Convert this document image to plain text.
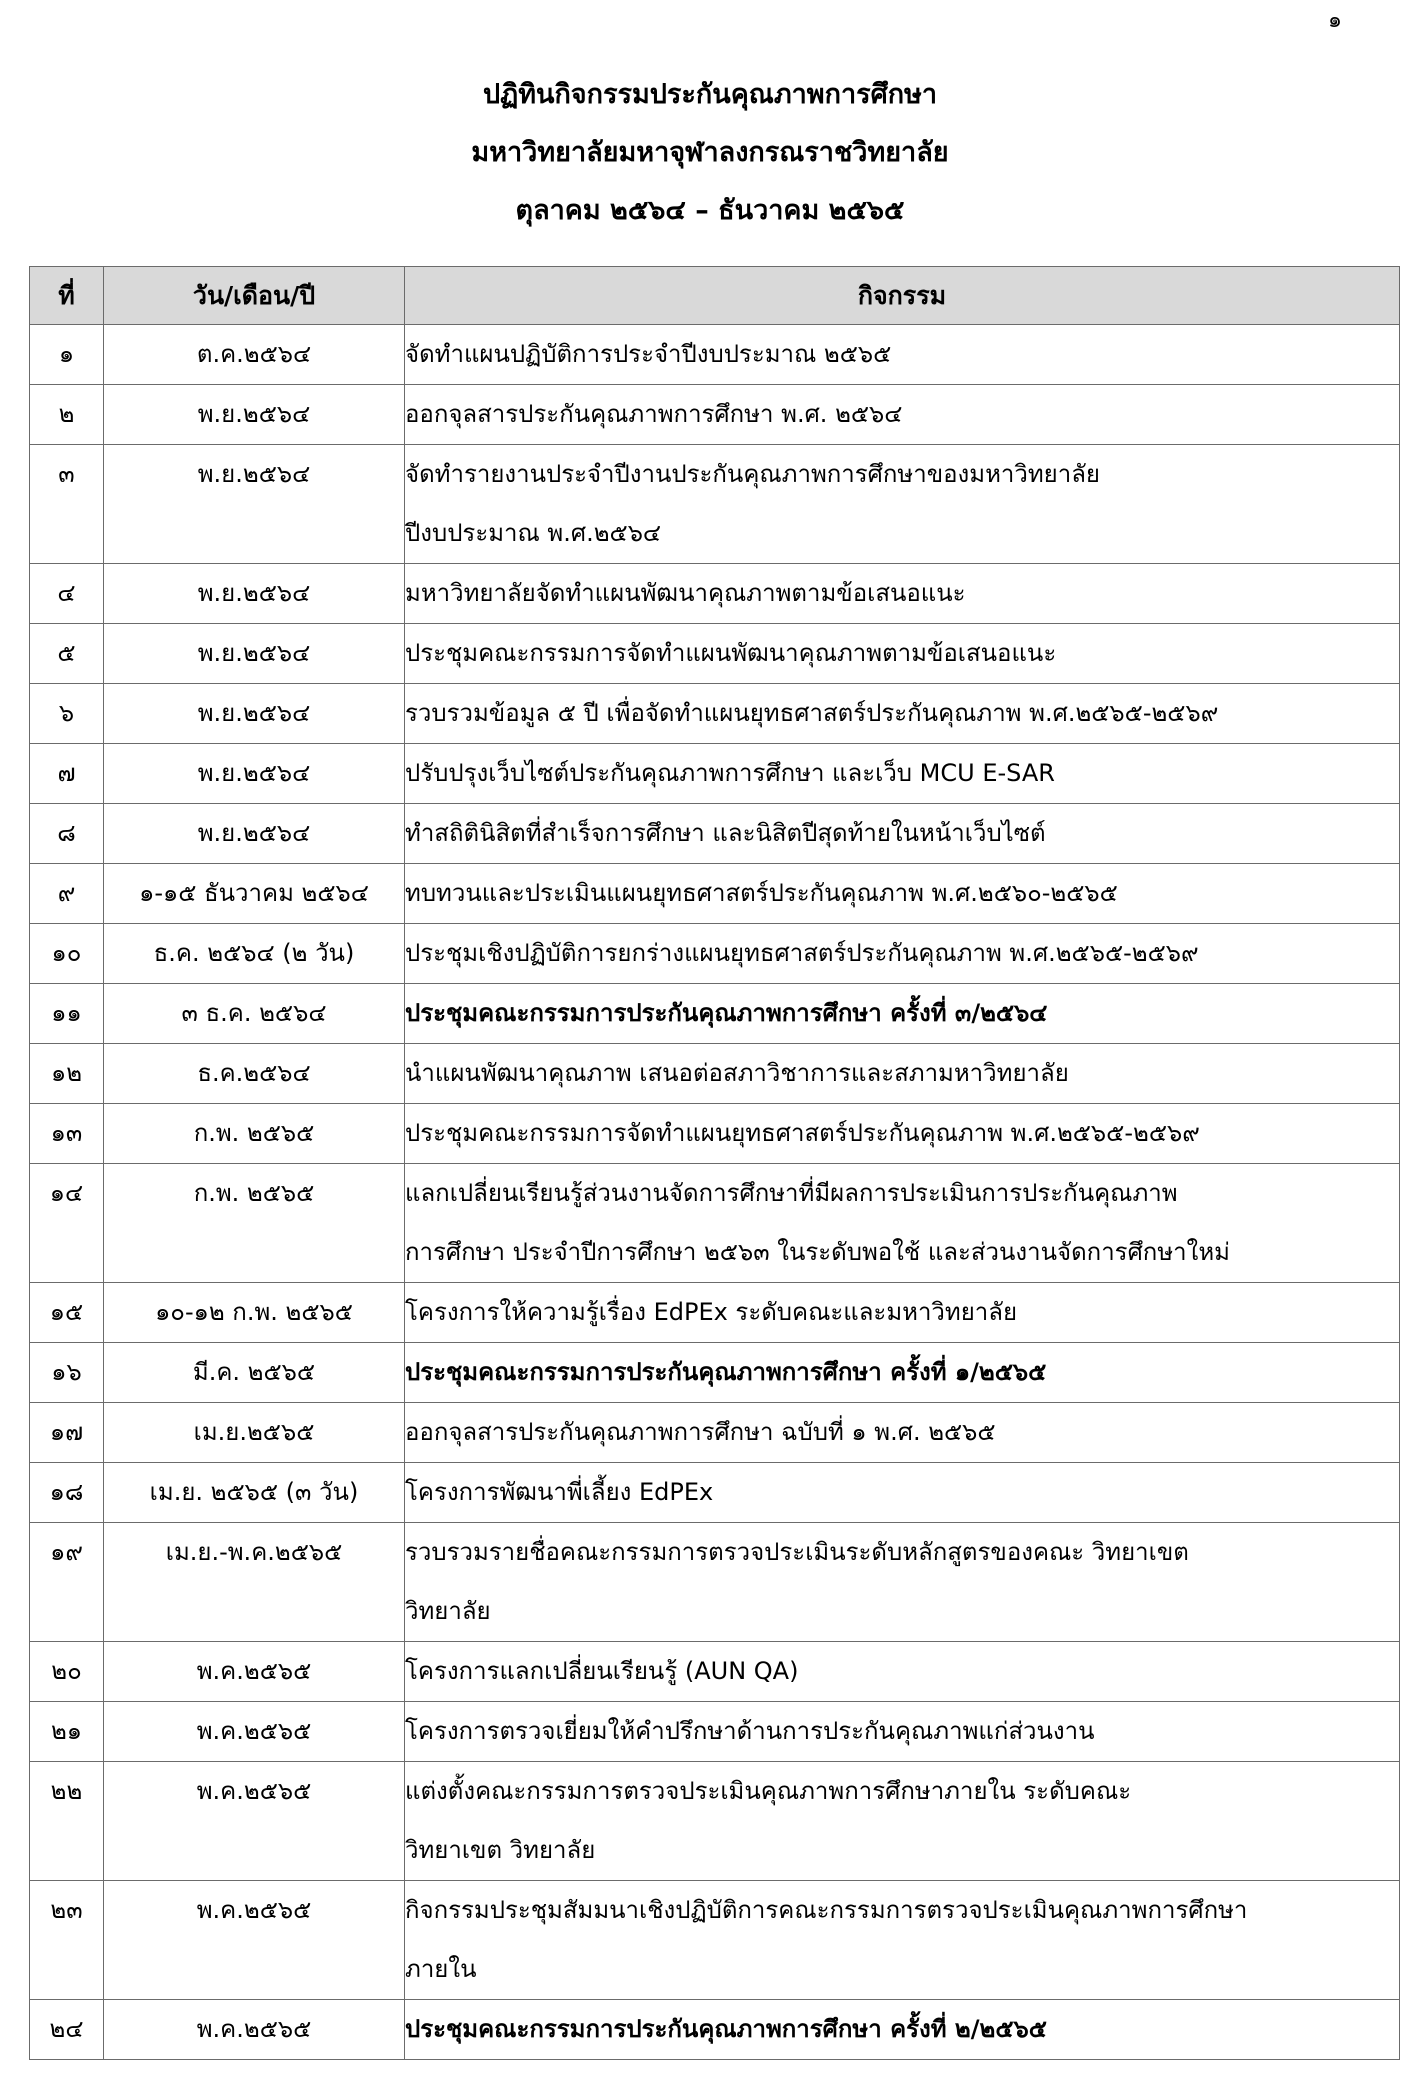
๑
ปฏิทินกิจกรรมประกันคุณภาพการศึกษา
มหาวิทยาลัยมหาจุฬาลงกรณราชวิทยาลัย
ตุลาคม ๒๕๖๔ – ธันวาคม ๒๕๖๕
ที่	วัน/เดือน/ปี	กิจกรรม
๑	ต.ค.๒๕๖๔	จัดทำแผนปฏิบัติการประจำปีงบประมาณ ๒๕๖๕

๒	พ.ย.๒๕๖๔	ออกจุลสารประกันคุณภาพการศึกษา พ.ศ. ๒๕๖๔

๓	พ.ย.๒๕๖๔	จัดทำรายงานประจำปีงานประกันคุณภาพการศึกษาของมหาวิทยาลัย
ปีงบประมาณ พ.ศ.๒๕๖๔

๔	พ.ย.๒๕๖๔	มหาวิทยาลัยจัดทำแผนพัฒนาคุณภาพตามข้อเสนอแนะ

๕	พ.ย.๒๕๖๔	ประชุมคณะกรรมการจัดทำแผนพัฒนาคุณภาพตามข้อเสนอแนะ

๖	พ.ย.๒๕๖๔	รวบรวมข้อมูล ๕ ปี เพื่อจัดทำแผนยุทธศาสตร์ประกันคุณภาพ พ.ศ.๒๕๖๕-๒๕๖๙

๗	พ.ย.๒๕๖๔	ปรับปรุงเว็บไซต์ประกันคุณภาพการศึกษา และเว็บ MCU E-SAR

๘	พ.ย.๒๕๖๔	ทำสถิตินิสิตที่สำเร็จการศึกษา และนิสิตปีสุดท้ายในหน้าเว็บไซต์

๙	๑-๑๕ ธันวาคม ๒๕๖๔	ทบทวนและประเมินแผนยุทธศาสตร์ประกันคุณภาพ พ.ศ.๒๕๖๐-๒๕๖๕

๑๐	ธ.ค. ๒๕๖๔ (๒ วัน)	ประชุมเชิงปฏิบัติการยกร่างแผนยุทธศาสตร์ประกันคุณภาพ พ.ศ.๒๕๖๕-๒๕๖๙

๑๑	๓ ธ.ค. ๒๕๖๔	ประชุมคณะกรรมการประกันคุณภาพการศึกษา ครั้งที่ ๓/๒๕๖๔

๑๒	ธ.ค.๒๕๖๔	นำแผนพัฒนาคุณภาพ เสนอต่อสภาวิชาการและสภามหาวิทยาลัย

๑๓	ก.พ. ๒๕๖๕	ประชุมคณะกรรมการจัดทำแผนยุทธศาสตร์ประกันคุณภาพ พ.ศ.๒๕๖๕-๒๕๖๙

๑๔	ก.พ. ๒๕๖๕	แลกเปลี่ยนเรียนรู้ส่วนงานจัดการศึกษาที่มีผลการประเมินการประกันคุณภาพ
การศึกษา ประจำปีการศึกษา ๒๕๖๓ ในระดับพอใช้ และส่วนงานจัดการศึกษาใหม่

๑๕	๑๐-๑๒ ก.พ. ๒๕๖๕	โครงการให้ความรู้เรื่อง EdPEx ระดับคณะและมหาวิทยาลัย

๑๖	มี.ค. ๒๕๖๕	ประชุมคณะกรรมการประกันคุณภาพการศึกษา ครั้งที่ ๑/๒๕๖๕

๑๗	เม.ย.๒๕๖๕	ออกจุลสารประกันคุณภาพการศึกษา ฉบับที่ ๑ พ.ศ. ๒๕๖๕

๑๘	เม.ย. ๒๕๖๕ (๓ วัน)	โครงการพัฒนาพี่เลี้ยง EdPEx

๑๙	เม.ย.-พ.ค.๒๕๖๕	รวบรวมรายชื่อคณะกรรมการตรวจประเมินระดับหลักสูตรของคณะ วิทยาเขต
วิทยาลัย

๒๐	พ.ค.๒๕๖๕	โครงการแลกเปลี่ยนเรียนรู้ (AUN QA)

๒๑	พ.ค.๒๕๖๕	โครงการตรวจเยี่ยมให้คำปรึกษาด้านการประกันคุณภาพแก่ส่วนงาน

๒๒	พ.ค.๒๕๖๕	แต่งตั้งคณะกรรมการตรวจประเมินคุณภาพการศึกษาภายใน ระดับคณะ
วิทยาเขต วิทยาลัย

๒๓	พ.ค.๒๕๖๕	กิจกรรมประชุมสัมมนาเชิงปฏิบัติการคณะกรรมการตรวจประเมินคุณภาพการศึกษา
ภายใน

๒๔	พ.ค.๒๕๖๕	ประชุมคณะกรรมการประกันคุณภาพการศึกษา ครั้งที่ ๒/๒๕๖๕
